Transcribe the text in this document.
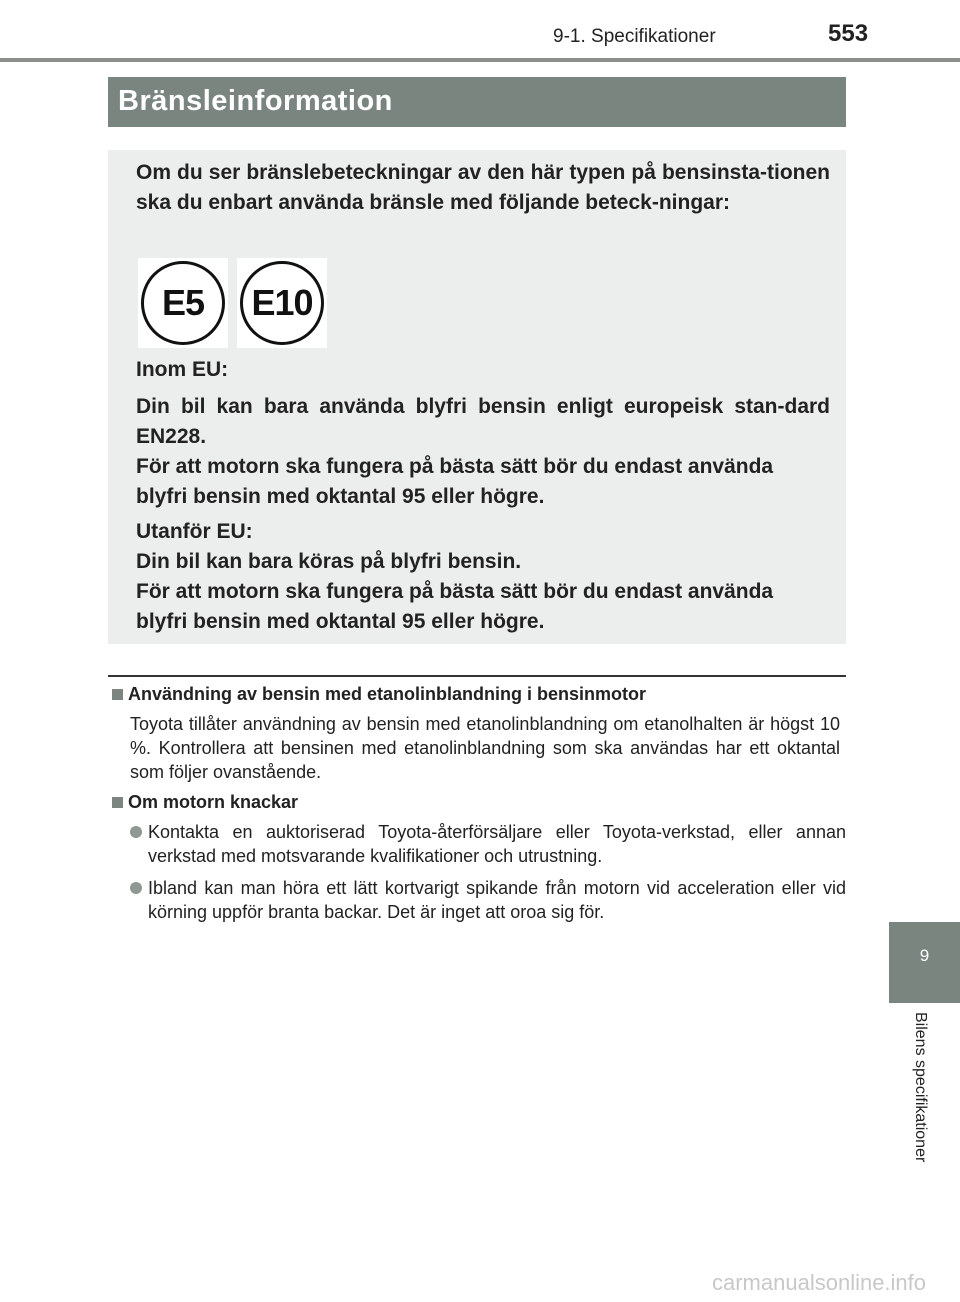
9-1. Specifikationer	553
Bränsleinformation

Om du ser bränslebeteckningar av den här typen på bensinsta-tionen ska du enbart använda bränsle med följande beteck-ningar:

E5	E10

Inom EU:

Din bil kan bara använda blyfri bensin enligt europeisk stan-dard EN228.

För att motorn ska fungera på bästa sätt bör du endast använda blyfri bensin med oktantal 95 eller högre.

Utanför EU:

Din bil kan bara köras på blyfri bensin.

För att motorn ska fungera på bästa sätt bör du endast använda blyfri bensin med oktantal 95 eller högre.

Användning av bensin med etanolinblandning i bensinmotor
Toyota tillåter användning av bensin med etanolinblandning om etanolhalten är högst 10 %. Kontrollera att bensinen med etanolinblandning som ska användas har ett oktantal som följer ovanstående.
Om motorn knackar
Kontakta en auktoriserad Toyota-återförsäljare eller Toyota-verkstad, eller annan verkstad med motsvarande kvalifikationer och utrustning.
Ibland kan man höra ett lätt kortvarigt spikande från motorn vid acceleration eller vid körning uppför branta backar. Det är inget att oroa sig för.
9
Bilens specifikationer
carmanualsonline.info
